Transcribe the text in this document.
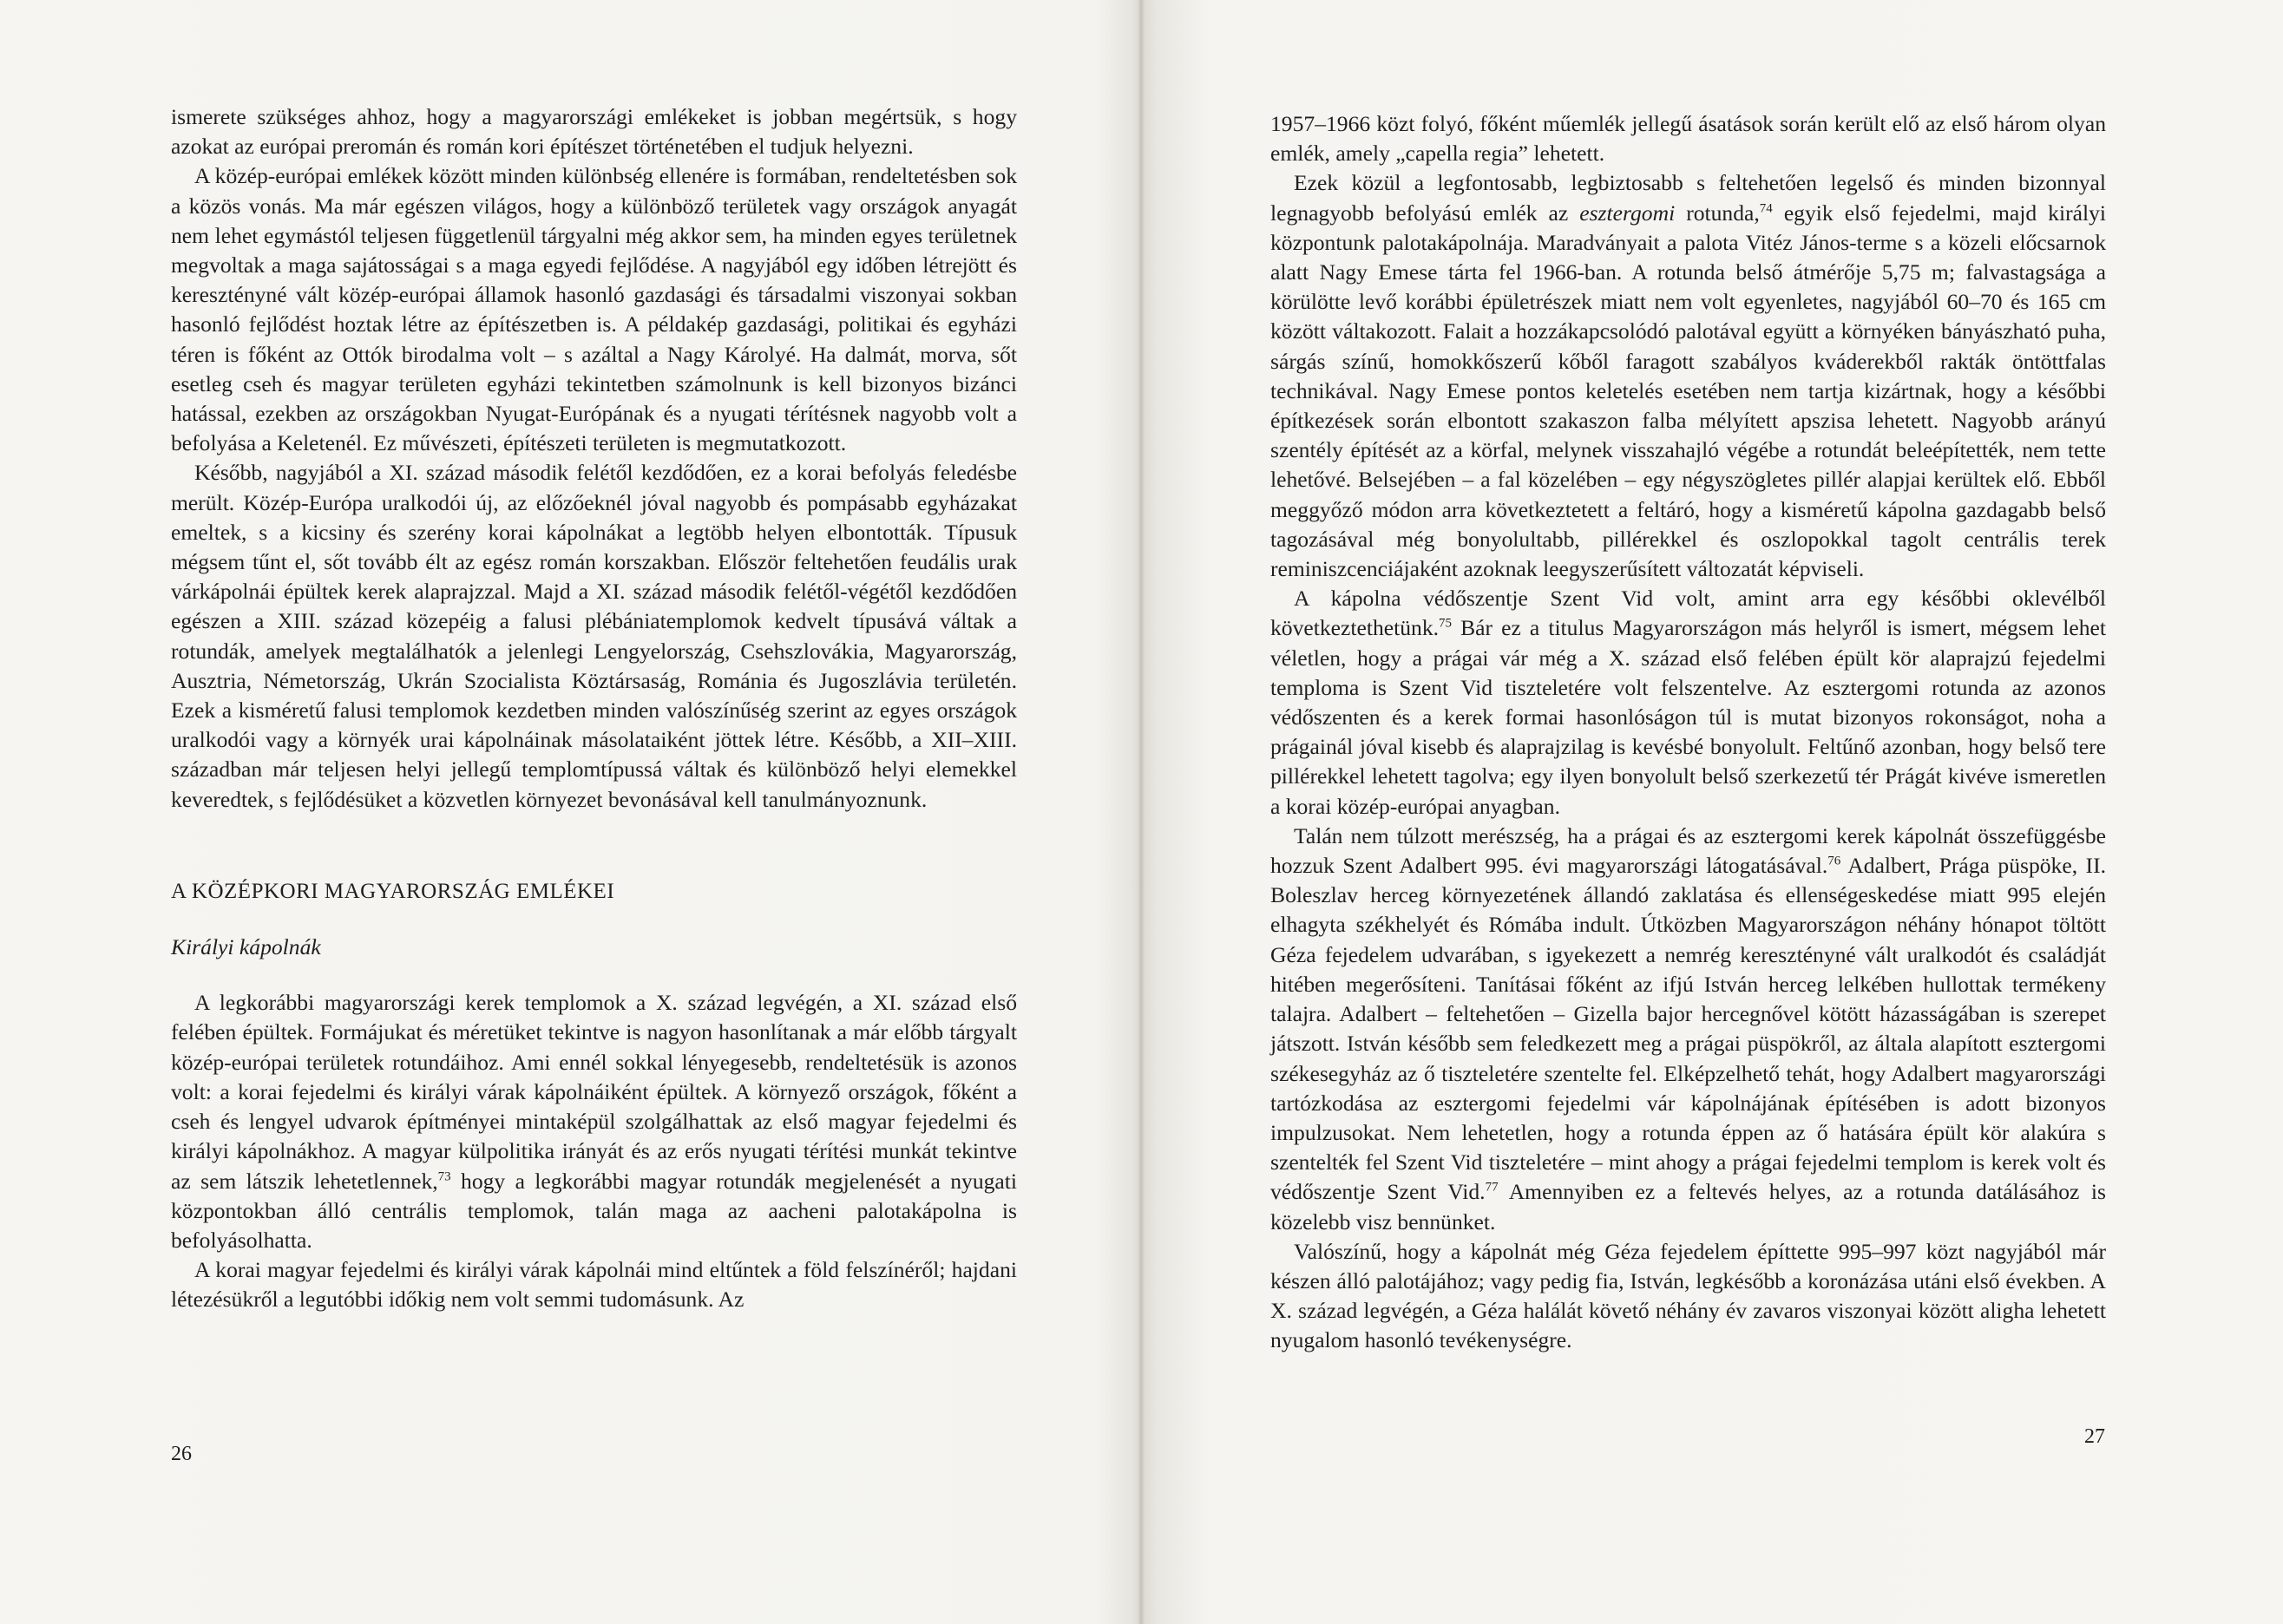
ismerete szükséges ahhoz, hogy a magyarországi emlékeket is jobban megértsük, s hogy azokat az európai preromán és román kori építészet történetében el tudjuk helyezni.

A közép-európai emlékek között minden különbség ellenére is formában, rendeltetésben sok a közös vonás. Ma már egészen világos, hogy a különböző területek vagy országok anyagát nem lehet egymástól teljesen függetlenül tárgyalni még akkor sem, ha minden egyes területnek megvoltak a maga sajátosságai s a maga egyedi fejlődése. A nagyjából egy időben létrejött és keresztényné vált közép-európai államok hasonló gazdasági és társadalmi viszonyai sokban hasonló fejlődést hoztak létre az építészetben is. A példakép gazdasági, politikai és egyházi téren is főként az Ottók birodalma volt – s azáltal a Nagy Károlyé. Ha dalmát, morva, sőt esetleg cseh és magyar területen egyházi tekintetben számolnunk is kell bizonyos bizánci hatással, ezekben az országokban Nyugat-Európának és a nyugati térítésnek nagyobb volt a befolyása a Keletenél. Ez művészeti, építészeti területen is megmutatkozott.

Később, nagyjából a XI. század második felétől kezdődően, ez a korai befolyás feledésbe merült. Közép-Európa uralkodói új, az előzőeknél jóval nagyobb és pompásabb egyházakat emeltek, s a kicsiny és szerény korai kápolnákat a legtöbb helyen elbontották. Típusuk mégsem tűnt el, sőt tovább élt az egész román korszakban. Először feltehetően feudális urak várkápolnái épültek kerek alaprajzzal. Majd a XI. század második felétől-végétől kezdődően egészen a XIII. század közepéig a falusi plébániatemplomok kedvelt típusává váltak a rotundák, amelyek megtalálhatók a jelenlegi Lengyelország, Csehszlovákia, Magyarország, Ausztria, Németország, Ukrán Szocialista Köztársaság, Románia és Jugoszlávia területén. Ezek a kisméretű falusi templomok kezdetben minden valószínűség szerint az egyes országok uralkodói vagy a környék urai kápolnáinak másolataiként jöttek létre. Később, a XII–XIII. században már teljesen helyi jellegű templomtípussá váltak és különböző helyi elemekkel keveredtek, s fejlődésüket a közvetlen környezet bevonásával kell tanulmányoznunk.

A KÖZÉPKORI MAGYARORSZÁG EMLÉKEI
Királyi kápolnák

A legkorábbi magyarországi kerek templomok a X. század legvégén, a XI. század első felében épültek. Formájukat és méretüket tekintve is nagyon hasonlítanak a már előbb tárgyalt közép-európai területek rotundáihoz. Ami ennél sokkal lényegesebb, rendeltetésük is azonos volt: a korai fejedelmi és királyi várak kápolnáiként épültek. A környező országok, főként a cseh és lengyel udvarok építményei mintaképül szolgálhattak az első magyar fejedelmi és királyi kápolnákhoz. A magyar külpolitika irányát és az erős nyugati térítési munkát tekintve az sem látszik lehetetlennek,$^{73}$ hogy a legkorábbi magyar rotundák megjelenését a nyugati központokban álló centrális templomok, talán maga az aacheni palotakápolna is befolyásolhatta.

A korai magyar fejedelmi és királyi várak kápolnái mind eltűntek a föld felszínéről; hajdani létezésükről a legutóbbi időkig nem volt semmi tudomásunk. Az

26

1957–1966 közt folyó, főként műemlék jellegű ásatások során került elő az első három olyan emlék, amely „capella regia” lehetett.

Ezek közül a legfontosabb, legbiztosabb s feltehetően legelső és minden bizonnyal legnagyobb befolyású emlék az esztergomi rotunda,$^{74}$ egyik első fejedelmi, majd királyi központunk palotakápolnája. Maradványait a palota Vitéz János-terme s a közeli előcsarnok alatt Nagy Emese tárta fel 1966-ban. A rotunda belső átmérője 5,75 m; falvastagsága a körülötte levő korábbi épületrészek miatt nem volt egyenletes, nagyjából 60–70 és 165 cm között váltakozott. Falait a hozzákapcsolódó palotával együtt a környéken bányászható puha, sárgás színű, homokkőszerű kőből faragott szabályos kváderekből rakták öntöttfalas technikával. Nagy Emese pontos keletelés esetében nem tartja kizártnak, hogy a későbbi építkezések során elbontott szakaszon falba mélyített apszisa lehetett. Nagyobb arányú szentély építését az a körfal, melynek visszahajló végébe a rotundát beleépítették, nem tette lehetővé. Belsejében – a fal közelében – egy négyszögletes pillér alapjai kerültek elő. Ebből meggyőző módon arra következtetett a feltáró, hogy a kisméretű kápolna gazdagabb belső tagozásával még bonyolultabb, pillérekkel és oszlopokkal tagolt centrális terek reminiszcenciájaként azoknak leegyszerűsített változatát képviseli.

A kápolna védőszentje Szent Vid volt, amint arra egy későbbi oklevélből következtethetünk.$^{75}$ Bár ez a titulus Magyarországon más helyről is ismert, mégsem lehet véletlen, hogy a prágai vár még a X. század első felében épült kör alaprajzú fejedelmi temploma is Szent Vid tiszteletére volt felszentelve. Az esztergomi rotunda az azonos védőszenten és a kerek formai hasonlóságon túl is mutat bizonyos rokonságot, noha a prágainál jóval kisebb és alaprajzilag is kevésbé bonyolult. Feltűnő azonban, hogy belső tere pillérekkel lehetett tagolva; egy ilyen bonyolult belső szerkezetű tér Prágát kivéve ismeretlen a korai közép-európai anyagban.

Talán nem túlzott merészség, ha a prágai és az esztergomi kerek kápolnát összefüggésbe hozzuk Szent Adalbert 995. évi magyarországi látogatásával.$^{76}$ Adalbert, Prága püspöke, II. Boleszlav herceg környezetének állandó zaklatása és ellenségeskedése miatt 995 elején elhagyta székhelyét és Rómába indult. Útközben Magyarországon néhány hónapot töltött Géza fejedelem udvarában, s igyekezett a nemrég keresztényné vált uralkodót és családját hitében megerősíteni. Tanításai főként az ifjú István herceg lelkében hullottak termékeny talajra. Adalbert – feltehetően – Gizella bajor hercegnővel kötött házasságában is szerepet játszott. István később sem feledkezett meg a prágai püspökről, az általa alapított esztergomi székesegyház az ő tiszteletére szentelte fel. Elképzelhető tehát, hogy Adalbert magyarországi tartózkodása az esztergomi fejedelmi vár kápolnájának építésében is adott bizonyos impulzusokat. Nem lehetetlen, hogy a rotunda éppen az ő hatására épült kör alakúra s szentelték fel Szent Vid tiszteletére – mint ahogy a prágai fejedelmi templom is kerek volt és védőszentje Szent Vid.$^{77}$ Amennyiben ez a feltevés helyes, az a rotunda datálásához is közelebb visz bennünket.

Valószínű, hogy a kápolnát még Géza fejedelem építtette 995–997 közt nagyjából már készen álló palotájához; vagy pedig fia, István, legkésőbb a koronázása utáni első években. A X. század legvégén, a Géza halálát követő néhány év zavaros viszonyai között aligha lehetett nyugalom hasonló tevékenységre.

27
